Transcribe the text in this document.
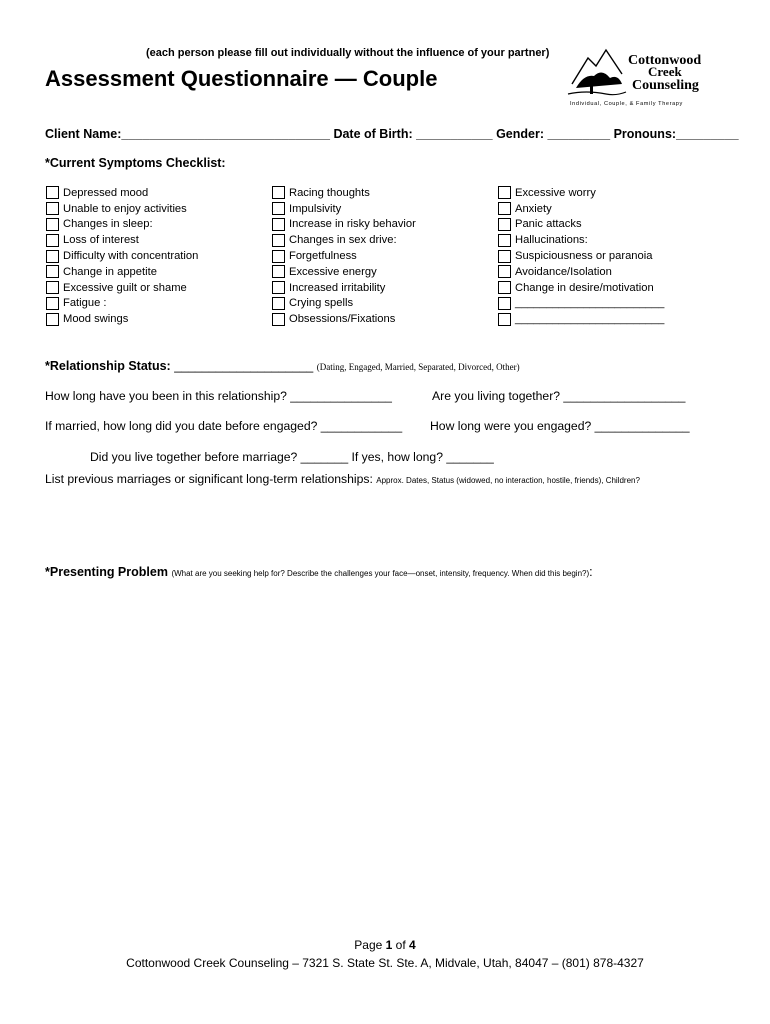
(each person please fill out individually without the influence of your partner)
Assessment Questionnaire — Couple
Cottonwood
Creek
Counseling
Individual, Couple, & Family Therapy
Client Name:______________________________ Date of Birth: ___________ Gender: _________ Pronouns:_________
*Current Symptoms Checklist:
Depressed mood
Unable to enjoy activities
Changes in sleep:
Loss of interest
Difficulty with concentration
Change in appetite
Excessive guilt or shame
Fatigue :
Mood swings
Racing thoughts
Impulsivity
Increase in risky behavior
Changes in sex drive:
Forgetfulness
Excessive energy
Increased irritability
Crying spells
Obsessions/Fixations
Excessive worry
Anxiety
Panic attacks
Hallucinations:
Suspiciousness or paranoia
Avoidance/Isolation
Change in desire/motivation
________________________
________________________
*Relationship Status: ____________________ (Dating, Engaged, Married, Separated, Divorced, Other)
How long have you been in this relationship? _______________	Are you living together? __________________
If married, how long did you date before engaged? ____________ How long were you engaged? ______________
Did you live together before marriage? _______ If yes, how long? _______
List previous marriages or significant long-term relationships: Approx. Dates, Status (widowed, no interaction, hostile, friends), Children?
*Presenting Problem (What are you seeking help for? Describe the challenges your face—onset, intensity, frequency. When did this begin?):
Page 1 of 4
Cottonwood Creek Counseling – 7321 S. State St. Ste. A, Midvale, Utah, 84047 – (801) 878-4327
